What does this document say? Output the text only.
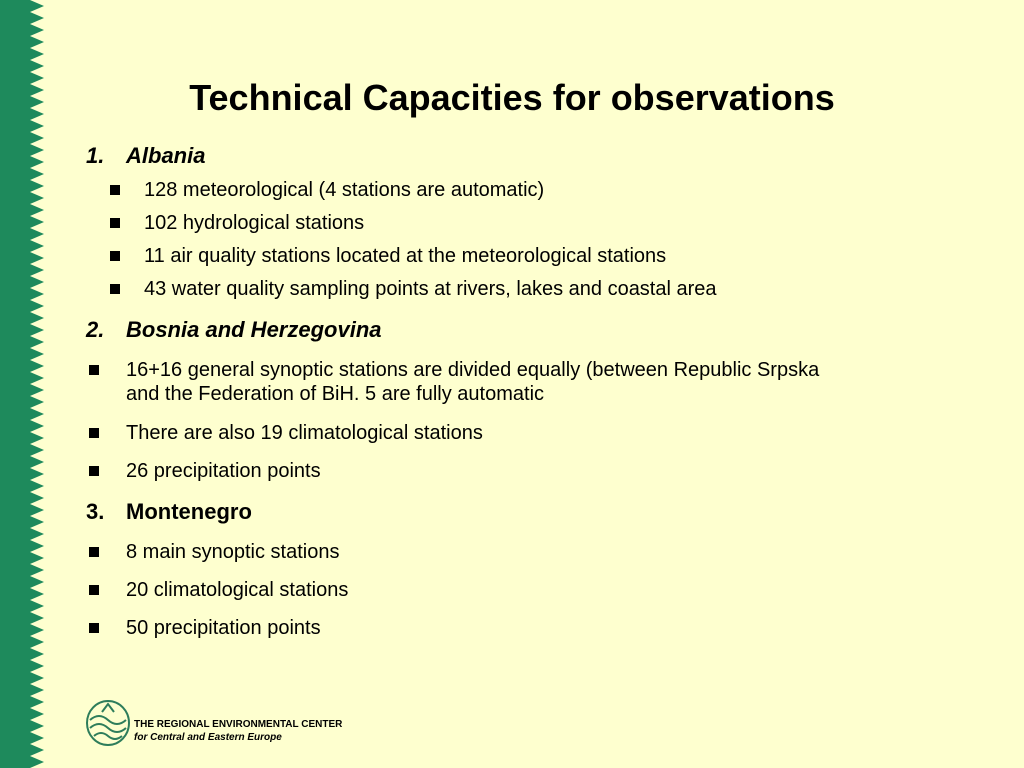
Technical Capacities for observations
1. Albania
128 meteorological (4 stations are automatic)
102 hydrological stations
11 air quality stations located at the meteorological stations
43 water quality sampling points at rivers, lakes and coastal area
2. Bosnia and Herzegovina
16+16 general synoptic stations are divided equally (between Republic Srpska
and the Federation of BiH. 5 are fully automatic
There are also 19 climatological stations
26 precipitation points
3. Montenegro
8 main synoptic stations
20 climatological stations
50 precipitation points
THE REGIONAL ENVIRONMENTAL CENTER
for Central and Eastern Europe
